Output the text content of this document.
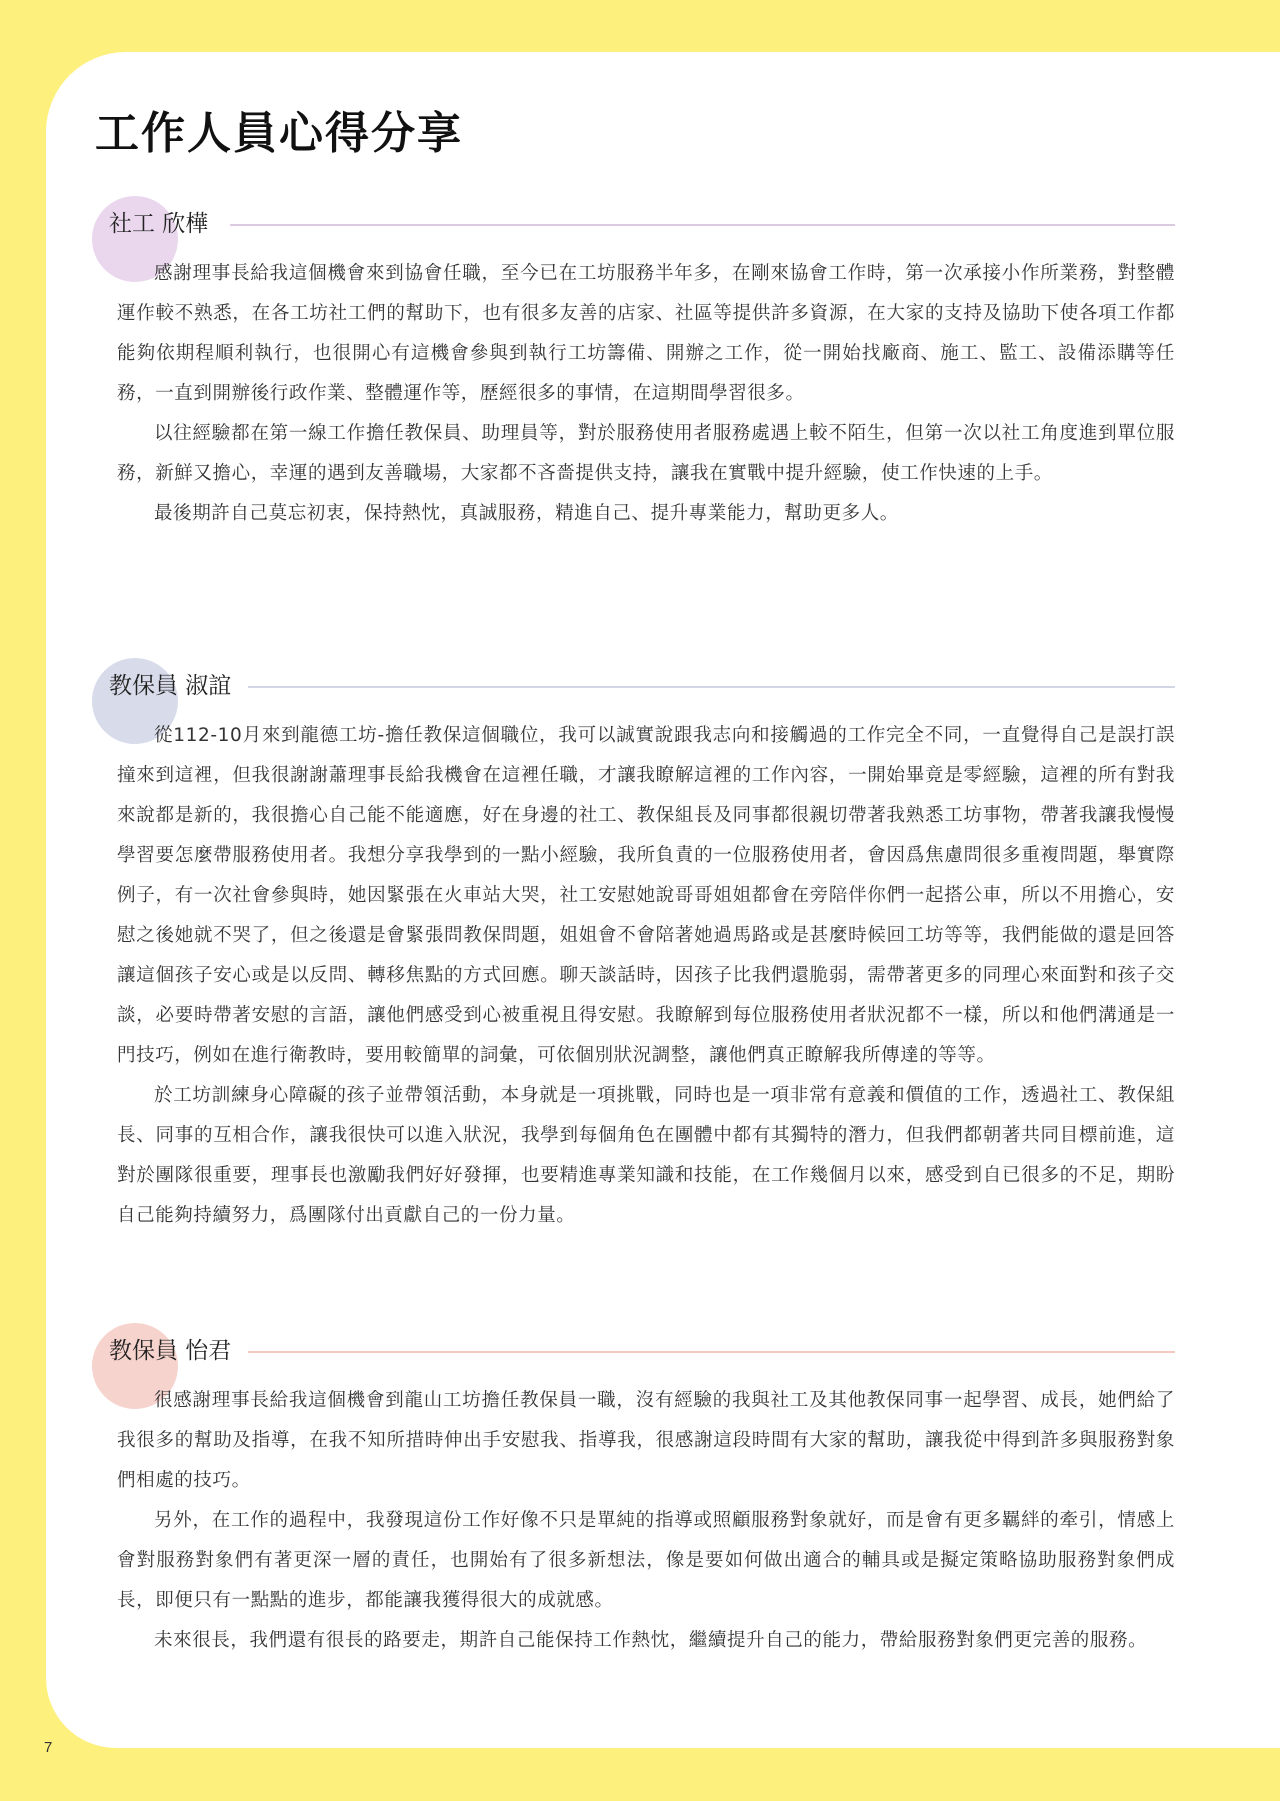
工作人員心得分享
社工 欣樺

感謝理事長給我這個機會來到協會任職，至今已在工坊服務半年多，在剛來協會工作時，第一次承接小作所業務，對整體運作較不熟悉，在各工坊社工們的幫助下，也有很多友善的店家、社區等提供許多資源，在大家的支持及協助下使各項工作都能夠依期程順利執行，也很開心有這機會參與到執行工坊籌備、開辦之工作，從一開始找廠商、施工、監工、設備添購等任務，一直到開辦後行政作業、整體運作等，歷經很多的事情，在這期間學習很多。

以往經驗都在第一線工作擔任教保員、助理員等，對於服務使用者服務處遇上較不陌生，但第一次以社工角度進到單位服務，新鮮又擔心，幸運的遇到友善職場，大家都不吝嗇提供支持，讓我在實戰中提升經驗，使工作快速的上手。

最後期許自己莫忘初衷，保持熱忱，真誠服務，精進自己、提升專業能力，幫助更多人。

教保員 淑誼

從112-10月來到龍德工坊-擔任教保這個職位，我可以誠實說跟我志向和接觸過的工作完全不同，一直覺得自己是誤打誤撞來到這裡，但我很謝謝蕭理事長給我機會在這裡任職，才讓我瞭解這裡的工作內容，一開始畢竟是零經驗，這裡的所有對我來說都是新的，我很擔心自己能不能適應，好在身邊的社工、教保組長及同事都很親切帶著我熟悉工坊事物，帶著我讓我慢慢學習要怎麼帶服務使用者。我想分享我學到的一點小經驗，我所負責的一位服務使用者，會因爲焦慮問很多重複問題，舉實際例子，有一次社會參與時，她因緊張在火車站大哭，社工安慰她說哥哥姐姐都會在旁陪伴你們一起搭公車，所以不用擔心，安慰之後她就不哭了，但之後還是會緊張問教保問題，姐姐會不會陪著她過馬路或是甚麼時候回工坊等等，我們能做的還是回答讓這個孩子安心或是以反問、轉移焦點的方式回應。聊天談話時，因孩子比我們還脆弱，需帶著更多的同理心來面對和孩子交談，必要時帶著安慰的言語，讓他們感受到心被重視且得安慰。我瞭解到每位服務使用者狀況都不一樣，所以和他們溝通是一門技巧，例如在進行衛教時，要用較簡單的詞彙，可依個別狀況調整，讓他們真正瞭解我所傳達的等等。

於工坊訓練身心障礙的孩子並帶領活動，本身就是一項挑戰，同時也是一項非常有意義和價值的工作，透過社工、教保組長、同事的互相合作，讓我很快可以進入狀況，我學到每個角色在團體中都有其獨特的潛力，但我們都朝著共同目標前進，這對於團隊很重要，理事長也激勵我們好好發揮，也要精進專業知識和技能，在工作幾個月以來，感受到自已很多的不足，期盼自己能夠持續努力，爲團隊付出貢獻自己的一份力量。

教保員 怡君

很感謝理事長給我這個機會到龍山工坊擔任教保員一職，沒有經驗的我與社工及其他教保同事一起學習、成長，她們給了我很多的幫助及指導，在我不知所措時伸出手安慰我、指導我，很感謝這段時間有大家的幫助，讓我從中得到許多與服務對象們相處的技巧。

另外，在工作的過程中，我發現這份工作好像不只是單純的指導或照顧服務對象就好，而是會有更多羈絆的牽引，情感上會對服務對象們有著更深一層的責任，也開始有了很多新想法，像是要如何做出適合的輔具或是擬定策略協助服務對象們成長，即便只有一點點的進步，都能讓我獲得很大的成就感。

未來很長，我們還有很長的路要走，期許自己能保持工作熱忱，繼續提升自己的能力，帶給服務對象們更完善的服務。

7
